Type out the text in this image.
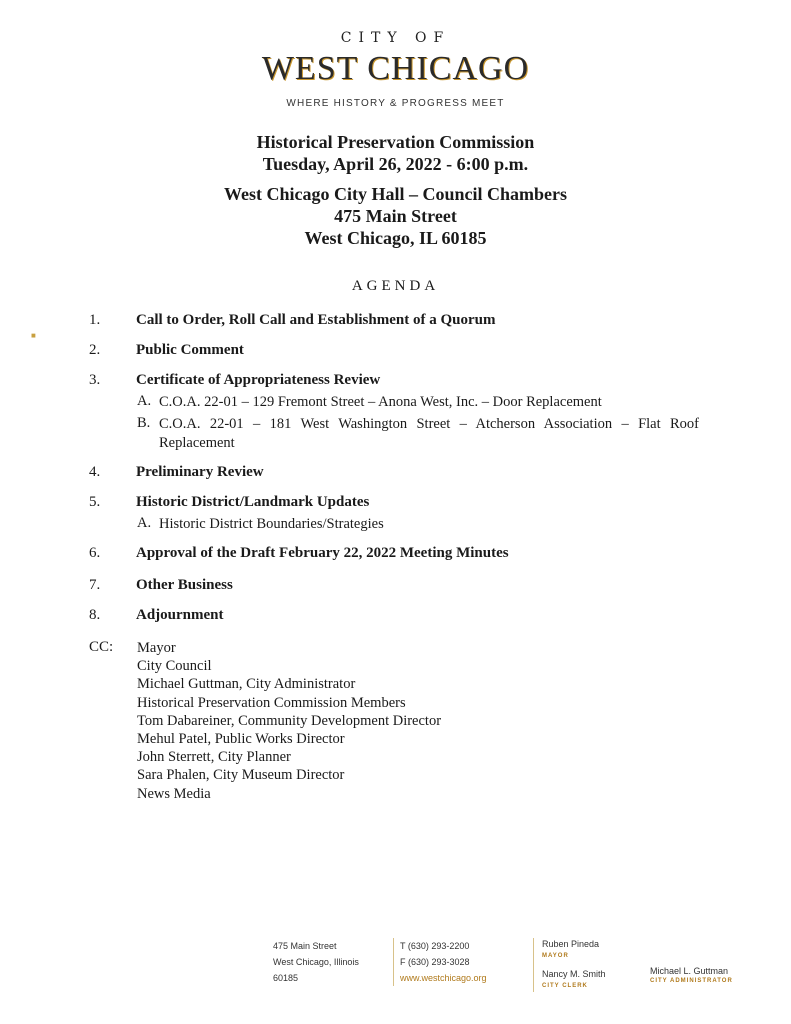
■
CITY OF
WEST CHICAGO
WHERE HISTORY & PROGRESS MEET
Historical Preservation Commission
Tuesday, April 26, 2022 - 6:00 p.m.
West Chicago City Hall – Council Chambers
475 Main Street
West Chicago, IL 60185
AGENDA
1. Call to Order, Roll Call and Establishment of a Quorum
2. Public Comment
3. Certificate of Appropriateness Review
A. C.O.A. 22-01 – 129 Fremont Street – Anona West, Inc. – Door Replacement
B. C.O.A. 22-01 – 181 West Washington Street – Atcherson Association – Flat Roof Replacement
4. Preliminary Review
5. Historic District/Landmark Updates
A. Historic District Boundaries/Strategies
6. Approval of the Draft February 22, 2022 Meeting Minutes
7. Other Business
8. Adjournment
CC: Mayor
City Council
Michael Guttman, City Administrator
Historical Preservation Commission Members
Tom Dabareiner, Community Development Director
Mehul Patel, Public Works Director
John Sterrett, City Planner
Sara Phalen, City Museum Director
News Media
475 Main Street
West Chicago, Illinois
60185
T (630) 293-2200
F (630) 293-3028
www.westchicago.org
Ruben Pineda
MAYOR
Nancy M. Smith
CITY CLERK
Michael L. Guttman
CITY ADMINISTRATOR
